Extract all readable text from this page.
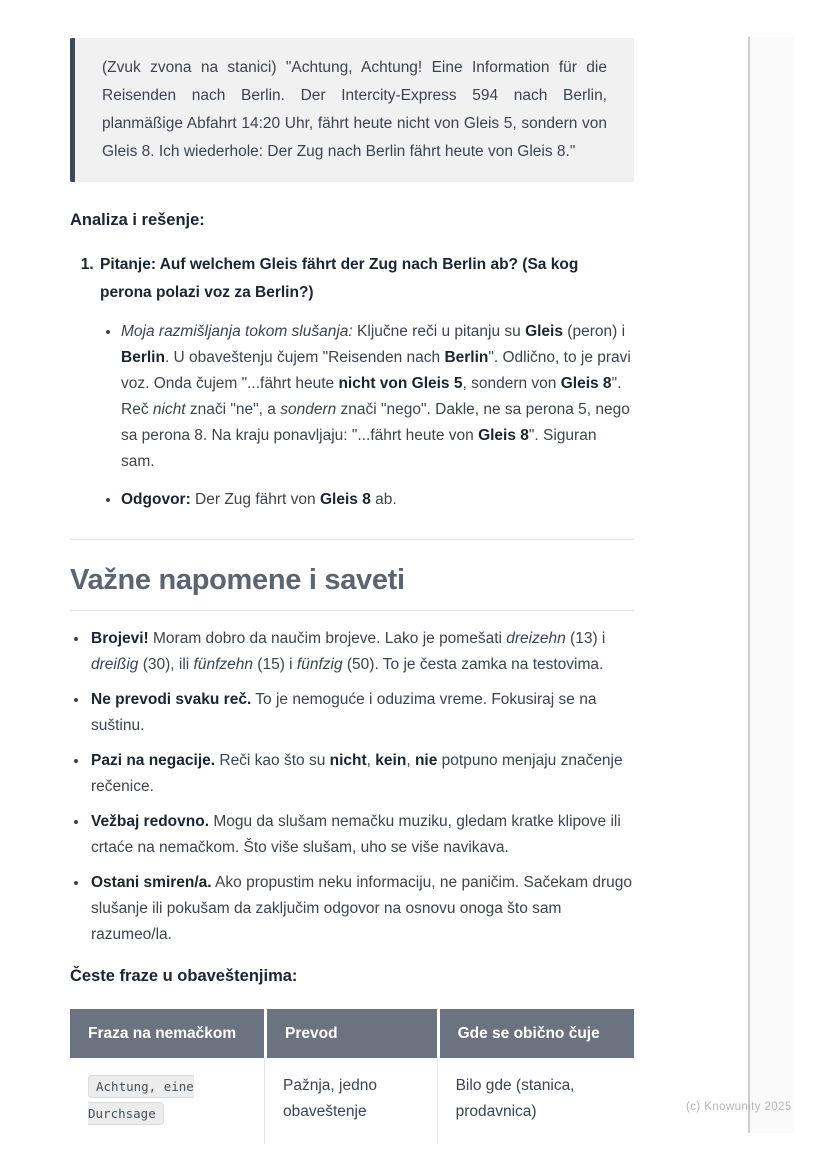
(Zvuk zvona na stanici) "Achtung, Achtung! Eine Information für die Reisenden nach Berlin. Der Intercity-Express 594 nach Berlin, planmäßige Abfahrt 14:20 Uhr, fährt heute nicht von Gleis 5, sondern von Gleis 8. Ich wiederhole: Der Zug nach Berlin fährt heute von Gleis 8."

Analiza i rešenje:

1. Pitanje: Auf welchem Gleis fährt der Zug nach Berlin ab? (Sa kog perona polazi voz za Berlin?)
• Moja razmišljanja tokom slušanja: Ključne reči u pitanju su Gleis (peron) i Berlin. U obaveštenju čujem "Reisenden nach Berlin". Odlično, to je pravi voz. Onda čujem "...fährt heute nicht von Gleis 5, sondern von Gleis 8". Reč nicht znači "ne", a sondern znači "nego". Dakle, ne sa perona 5, nego sa perona 8. Na kraju ponavljaju: "...fährt heute von Gleis 8". Siguran sam.
• Odgovor: Der Zug fährt von Gleis 8 ab.
Važne napomene i saveti
• Brojevi! Moram dobro da naučim brojeve. Lako je pomešati dreizehn (13) i dreißig (30), ili fünfzehn (15) i fünfzig (50). To je česta zamka na testovima.
• Ne prevodi svaku reč. To je nemoguće i oduzima vreme. Fokusiraj se na suštinu.
• Pazi na negacije. Reči kao što su nicht, kein, nie potpuno menjaju značenje rečenice.
• Vežbaj redovno. Mogu da slušam nemačku muziku, gledam kratke klipove ili crtaće na nemačkom. Što više slušam, uho se više navikava.
• Ostani smiren/a. Ako propustim neku informaciju, ne paničim. Sačekam drugo slušanje ili pokušam da zaključim odgovor na osnovu onoga što sam razumeo/la.

Česte fraze u obaveštenjima:

Fraza na nemačkom	Prevod	Gde se obično čuje
Achtung, eine Durchsage	Pažnja, jedno obaveštenje	Bilo gde (stanica, prodavnica)	(c) Knowunity 2025
